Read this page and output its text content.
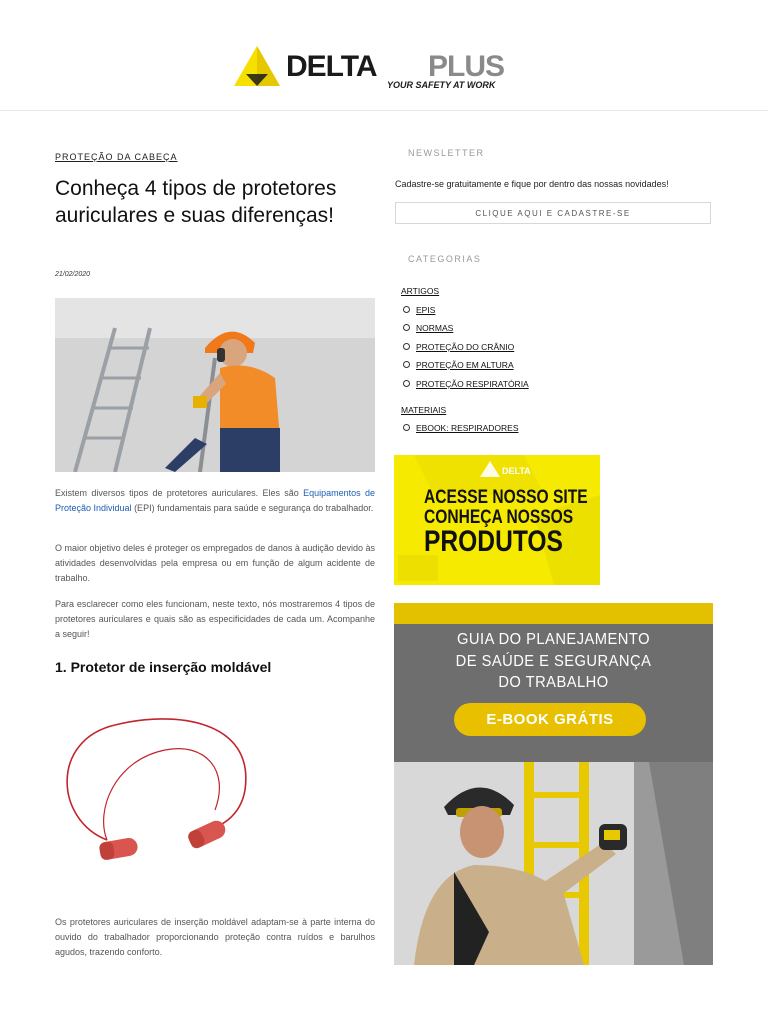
DELTA PLUS
YOUR SAFETY AT WORK
PROTEÇÃO DA CABEÇA
Conheça 4 tipos de protetores auriculares e suas diferenças!
21/02/2020

Existem diversos tipos de protetores auriculares. Eles são Equipamentos de Proteção Individual (EPI) fundamentais para saúde e segurança do trabalhador.

O maior objetivo deles é proteger os empregados de danos à audição devido às atividades desenvolvidas pela empresa ou em função de algum acidente de trabalho.

Para esclarecer como eles funcionam, neste texto, nós mostraremos 4 tipos de protetores auriculares e quais são as especificidades de cada um. Acompanhe a seguir!

1. Protetor de inserção moldável

Os protetores auriculares de inserção moldável adaptam-se à parte interna do ouvido do trabalhador proporcionando proteção contra ruídos e barulhos agudos, trazendo conforto.

NEWSLETTER
Cadastre-se gratuitamente e fique por dentro das nossas novidades!
CLIQUE AQUI E CADASTRE-SE
CATEGORIAS
ARTIGOS
EPIS
NORMAS
PROTEÇÃO DO CRÂNIO
PROTEÇÃO EM ALTURA
PROTEÇÃO RESPIRATÓRIA
MATERIAIS
EBOOK: RESPIRADORES
DELTA
ACESSE NOSSO SITE
CONHEÇA NOSSOS
PRODUTOS
GUIA DO PLANEJAMENTO
DE SAÚDE E SEGURANÇA
DO TRABALHO
E-BOOK GRÁTIS
